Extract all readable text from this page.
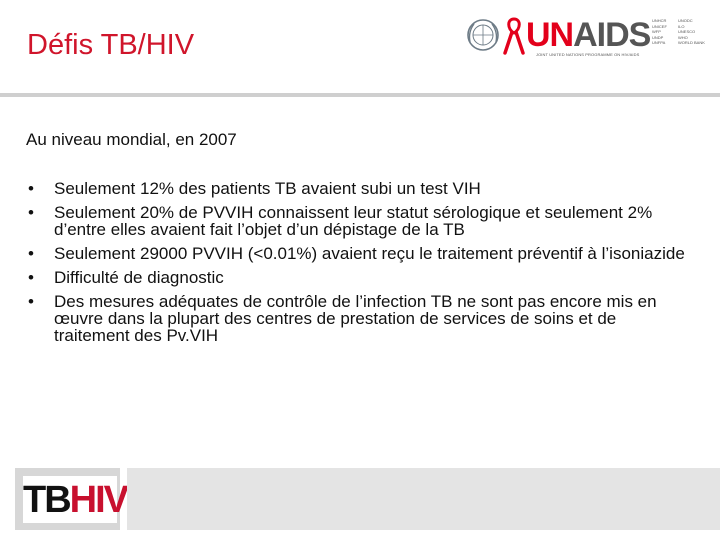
Défis TB/HIV	UNAIDS
JOINT UNITED NATIONS PROGRAMME ON HIV/AIDS
UNHCR
UNICEF
WFP
UNDP
UNFPA
UNODC
ILO
UNESCO
WHO
WORLD BANK
Au niveau mondial, en 2007
• Seulement 12% des patients TB avaient subi un test VIH
• Seulement 20% de PVVIH connaissent leur statut sérologique et seulement 2% d’entre elles avaient fait l’objet d’un dépistage de la TB
• Seulement 29000 PVVIH (<0.01%) avaient reçu le traitement préventif à l’isoniazide
• Difficulté de diagnostic
• Des mesures adéquates de contrôle de l’infection TB ne sont pas encore mis en œuvre dans la plupart des centres de prestation de services de soins et de traitement des Pv.VIH
TBHIV
